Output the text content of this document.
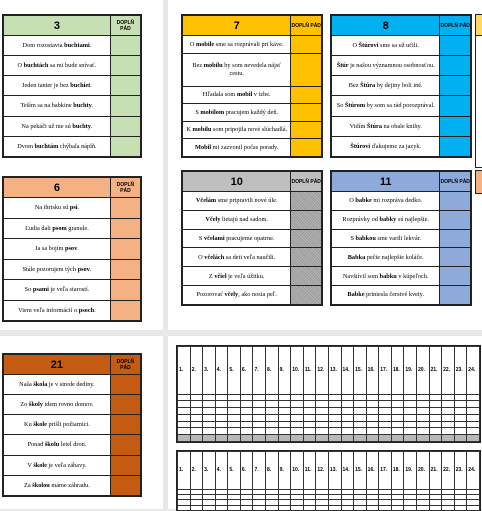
3	DOPLŇ PÁD
Dom rozostavia buchtami.	
O buchtách sa mi bude snívať.	
Jeden tanier je bez buchiet.	
Teším sa na babkine buchty.	
Na pekáči už nie sú buchty.	
Dvom buchtám chýbala náplň.	
7	DOPLŇ PÁD
O mobile sme sa rozprávali pri káve.	
Bez mobilu by som nevedela nájsť cestu.	
Hľadala som mobil v izbe.	
S mobilom pracujem každý deň.	
K mobilu som pripojila nové slúchadlá.	
Mobil mi zazvonil počas porady.	
8	DOPLŇ PÁD
O Štúrovi sme sa už učili.	
Štúr je našou významnou osobnosťou.	
Bez Štúra by dejiny boli iné.	
So Štúrom by som sa rád porozprával.	
Vidím Štúra na obale knihy.	
Štúrovi ďakujeme za jazyk.	
6	DOPLŇ PÁD
Na ihrisku sú psi.	
Ľudia dali psom granule.	
Ja sa bojím psov.	
Stále pozorujem tých psov.	
So psami je veľa starostí.	
Viem veľa informácií o psoch.	
10	DOPLŇ PÁD
Včelám sme pripravili nové úle.	
Včely lietajú nad sadom.	
S včelami pracujeme opatrne.	
O včelách sa deti veľa naučili.	
Z včiel je veľa úžitku.	
Pozorovať včely, ako nosia peľ.	
11	DOPLŇ PÁD
O babke mi rozpráva dedko.	
Rozprávky od babky sú najlepšie.	
S babkou sme varili lekvár.	
Babka pečie najlepšie koláče.	
Navštívil som babku v kúpeľoch.	
Babke priniesla čerstvé kvety.	
21	DOPLŇ PÁD
Naša škola je v strede dediny.	
Zo školy idem rovno domov.	
Ku škole prišli požiarnici.	
Ponad školu letel dron.	
V škole je veľa zábavy.	
Za školou máme záhradu.	
1.	2.	3.	4.	5.	6.	7.	8.	9.	10.	11.	12.	13.	14.	15.	16.	17.	18.	19.	20.	21.	22.	23.	24.

1.	2.	3.	4.	5.	6.	7.	8.	9.	10.	11.	12.	13.	14.	15.	16.	17.	18.	19.	20.	21.	22.	23.	24.
